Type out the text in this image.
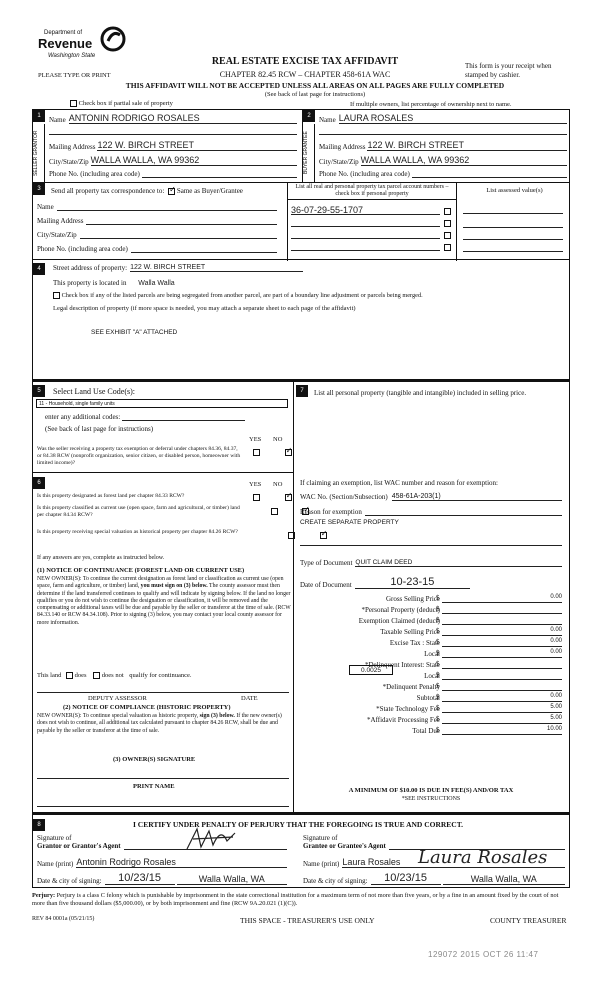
Department of
Revenue
Washington State
PLEASE TYPE OR PRINT
REAL ESTATE EXCISE TAX AFFIDAVIT
CHAPTER 82.45 RCW – CHAPTER 458-61A WAC
This form is your receipt when stamped by cashier.
THIS AFFIDAVIT WILL NOT BE ACCEPTED UNLESS ALL AREAS ON ALL PAGES ARE FULLY COMPLETED
(See back of last page for instructions)
Check box if partial sale of property	If multiple owners, list percentage of ownership next to name.
1
SELLER GRANTOR
2
BUYER GRANTEE
Name ANTONIN RODRIGO ROSALES
Mailing Address 122 W. BIRCH STREET
City/State/Zip WALLA WALLA, WA 99362
Phone No. (including area code)
Name LAURA ROSALES
Mailing Address 122 W. BIRCH STREET
City/State/Zip WALLA WALLA, WA 99362
Phone No. (including area code)
3	Send all property tax correspondence to: ✓ Same as Buyer/Grantee
Name
Mailing Address
City/State/Zip
Phone No. (including area code)
List all real and personal property tax parcel account numbers – check box if personal property	List assessed value(s)
36-07-29-55-1707
4	Street address of property: 122 W. BIRCH STREET
This property is located in Walla Walla
Check box if any of the listed parcels are being segregated from another parcel, are part of a boundary line adjustment or parcels being merged.
Legal description of property (if more space is needed, you may attach a separate sheet to each page of the affidavit)
SEE EXHIBIT "A" ATTACHED
5	Select Land Use Code(s):
11 - Household, single family units
enter any additional codes:
(See back of last page for instructions)
YES NO
Was the seller receiving a property tax exemption or deferral under chapters 84.36, 84.37, or 84.38 RCW (nonprofit organization, senior citizen, or disabled person, homeowner with limited income)?
✓
6	YES NO
Is this property designated as forest land per chapter 84.33 RCW?
✓
Is this property classified as current use (open space, farm and agricultural, or timber) land per chapter 84.34 RCW?
✓
Is this property receiving special valuation as historical property per chapter 84.26 RCW?
✓
If any answers are yes, complete as instructed below.
(1) NOTICE OF CONTINUANCE (FOREST LAND OR CURRENT USE)
NEW OWNER(S): To continue the current designation as forest land or classification as current use (open space, farm and agriculture, or timber) land, you must sign on (3) below. The county assessor must then determine if the land transferred continues to qualify and will indicate by signing below. If the land no longer qualifies or you do not wish to continue the designation or classification, it will be removed and the compensating or additional taxes will be due and payable by the seller or transferor at the time of sale. (RCW 84.33.140 or RCW 84.34.108). Prior to signing (3) below, you may contact your local county assessor for more information.
This land does does not qualify for continuance.
DEPUTY ASSESSOR	DATE
(2) NOTICE OF COMPLIANCE (HISTORIC PROPERTY)
NEW OWNER(S): To continue special valuation as historic property, sign (3) below. If the new owner(s) does not wish to continue, all additional tax calculated pursuant to chapter 84.26 RCW, shall be due and payable by the seller or transferor at the time of sale.
(3) OWNER(S) SIGNATURE
PRINT NAME
7	List all personal property (tangible and intangible) included in selling price.
If claiming an exemption, list WAC number and reason for exemption:
WAC No. (Section/Subsection) 458-61A-203(1)
Reason for exemption
CREATE SEPARATE PROPERTY
Type of Document QUIT CLAIM DEED
Date of Document	10-23-15
Gross Selling Price	$ 0.00
*Personal Property (deduct)
$
Exemption Claimed (deduct)
$
Taxable Selling Price	$ 0.00
Excise Tax : State	$ 0.00
Local	$ 0.00
*Delinquent Interest: State
$
Local
$
*Delinquent Penalty
$
Subtotal	$ 0.00
*State Technology Fee	$ 5.00
*Affidavit Processing Fee	$ 5.00
Total Due	$ 10.00
0.0025
A MINIMUM OF $10.00 IS DUE IN FEE(S) AND/OR TAX
*SEE INSTRUCTIONS
8	I CERTIFY UNDER PENALTY OF PERJURY THAT THE FOREGOING IS TRUE AND CORRECT.
Signature of
Grantor or Grantor's Agent
Name (print) Antonin Rodrigo Rosales
Date & city of signing:	10/23/15	Walla Walla, WA
Signature of
Grantee or Grantee's Agent
Name (print) Laura Rosales Laura Rosales
Date & city of signing:	10/23/15	Walla Walla, WA
Perjury: Perjury is a class C felony which is punishable by imprisonment in the state correctional institution for a maximum term of not more than five years, or by a fine in an amount fixed by the court of not more than five thousand dollars ($5,000.00), or by both imprisonment and fine (RCW 9A.20.021 (1)(C)).
REV 84 0001a (05/21/15)	THIS SPACE - TREASURER'S USE ONLY	COUNTY TREASURER
129072 2015 OCT 26 11:47
